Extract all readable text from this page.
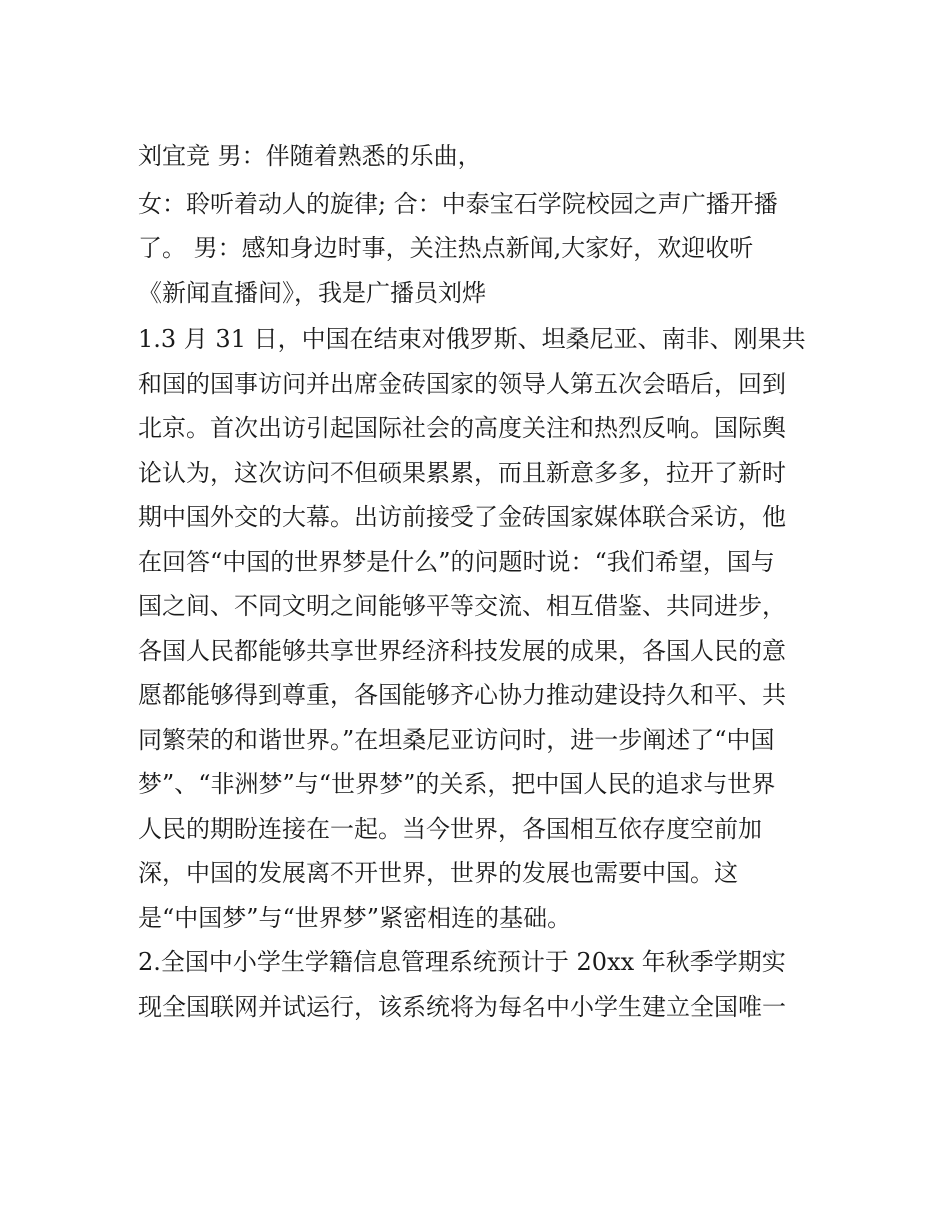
刘宜竞 男：伴随着熟悉的乐曲，
女：聆听着动人的旋律; 合：中泰宝石学院校园之声广播开播
了。 男：感知身边时事，关注热点新闻,大家好，欢迎收听
《新闻直播间》，我是广播员刘烨
1.3 月 31 日，中国在结束对俄罗斯、坦桑尼亚、南非、刚果共
和国的国事访问并出席金砖国家的领导人第五次会晤后，回到
北京。首次出访引起国际社会的高度关注和热烈反响。国际舆
论认为，这次访问不但硕果累累，而且新意多多，拉开了新时
期中国外交的大幕。出访前接受了金砖国家媒体联合采访，他
在回答“中国的世界梦是什么”的问题时说：“我们希望，国与
国之间、不同文明之间能够平等交流、相互借鉴、共同进步，
各国人民都能够共享世界经济科技发展的成果，各国人民的意
愿都能够得到尊重，各国能够齐心协力推动建设持久和平、共
同繁荣的和谐世界。”在坦桑尼亚访问时，进一步阐述了“中国
梦”、“非洲梦”与“世界梦”的关系，把中国人民的追求与世界
人民的期盼连接在一起。当今世界，各国相互依存度空前加
深，中国的发展离不开世界，世界的发展也需要中国。这
是“中国梦”与“世界梦”紧密相连的基础。
2.全国中小学生学籍信息管理系统预计于 20xx 年秋季学期实
现全国联网并试运行，该系统将为每名中小学生建立全国唯一
